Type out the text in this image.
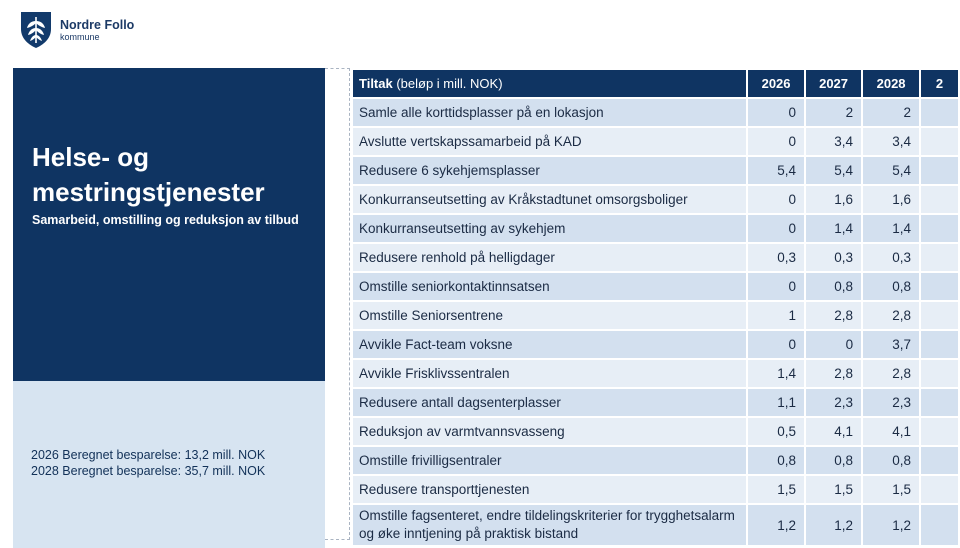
Nordre Follo
kommune
Helse- og
mestringstjenester
Samarbeid, omstilling og reduksjon av tilbud
2026 Beregnet besparelse: 13,2 mill. NOK
2028 Beregnet besparelse: 35,7 mill. NOK
Tiltak (beløp i mill. NOK)	2026	2027	2028	2
Samle alle korttidsplasser på en lokasjon	0	2	2	
Avslutte vertskapssamarbeid på KAD	0	3,4	3,4	
Redusere 6 sykehjemsplasser	5,4	5,4	5,4	
Konkurranseutsetting av Kråkstadtunet omsorgsboliger	0	1,6	1,6	
Konkurranseutsetting av sykehjem	0	1,4	1,4	
Redusere renhold på helligdager	0,3	0,3	0,3	
Omstille seniorkontaktinnsatsen	0	0,8	0,8	
Omstille Seniorsentrene	1	2,8	2,8	
Avvikle Fact-team voksne	0	0	3,7	
Avvikle Frisklivssentralen	1,4	2,8	2,8	
Redusere antall dagsenterplasser	1,1	2,3	2,3	
Reduksjon av varmtvannsvasseng	0,5	4,1	4,1	
Omstille frivilligsentraler	0,8	0,8	0,8	
Redusere transporttjenesten	1,5	1,5	1,5	
Omstille fagsenteret, endre tildelingskriterier for trygghetsalarm og øke inntjening på praktisk bistand	1,2	1,2	1,2	
